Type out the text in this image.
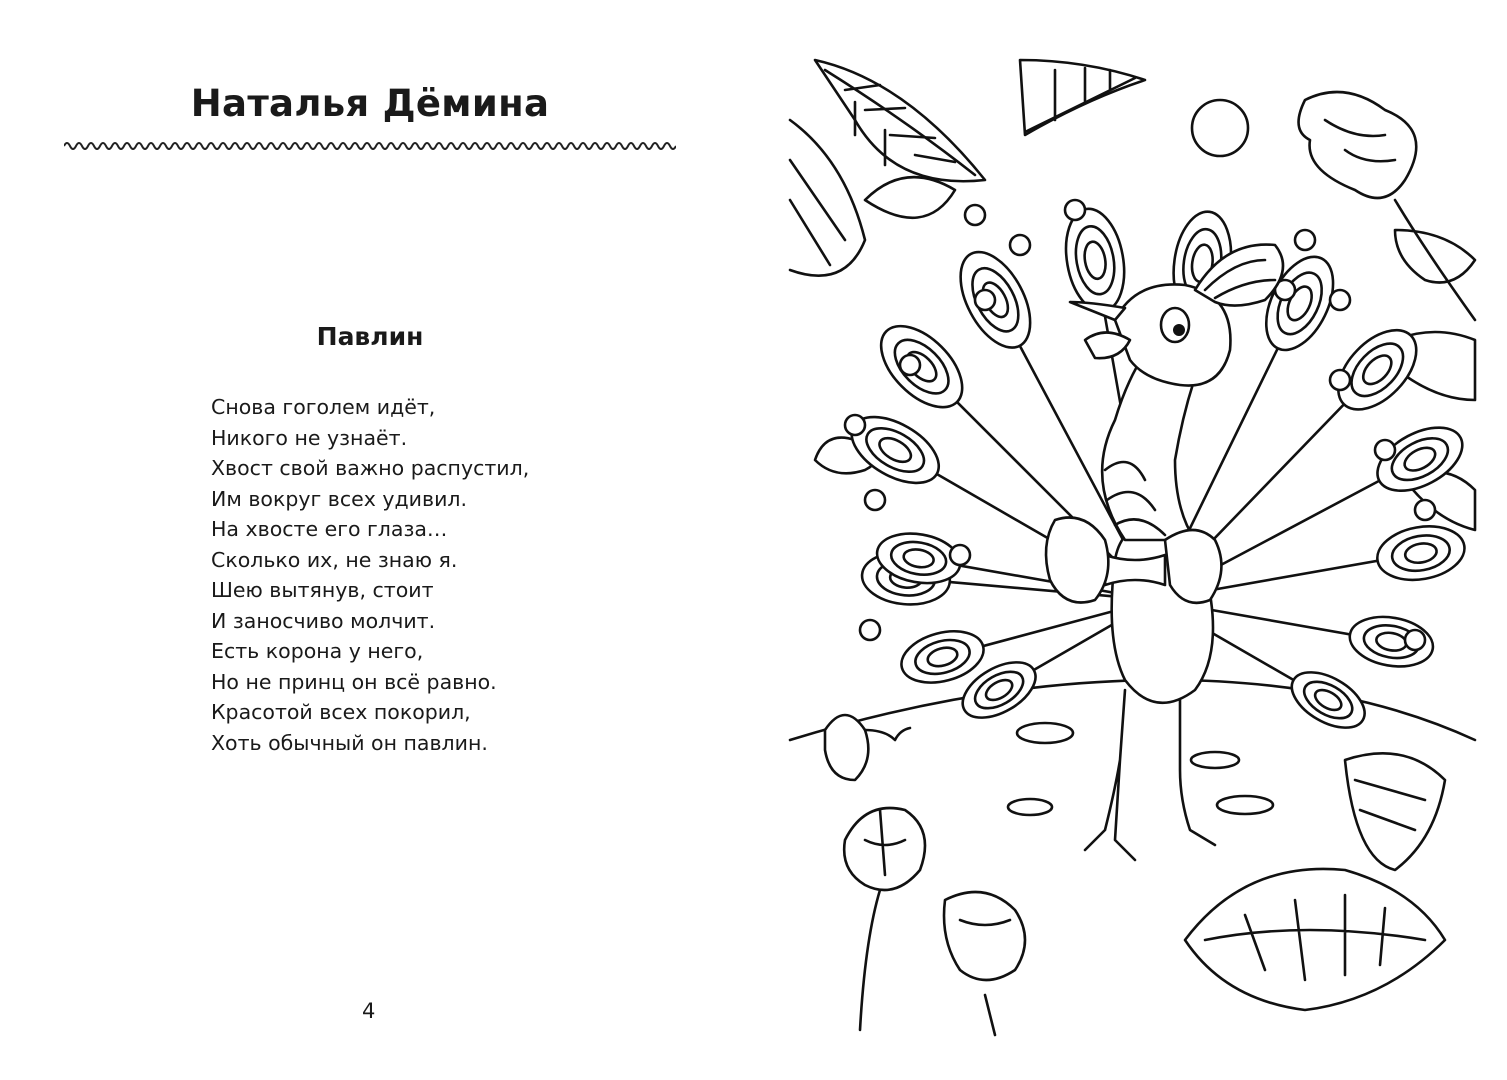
Наталья Дёмина
Павлин
Снова гоголем идёт,
Никого не узнаёт.
Хвост свой важно распустил,
Им вокруг всех удивил.
На хвосте его глаза…
Сколько их, не знаю я.
Шею вытянув, стоит
И заносчиво молчит.
Есть корона у него,
Но не принц он всё равно.
Красотой всех покорил,
Хоть обычный он павлин.
4
